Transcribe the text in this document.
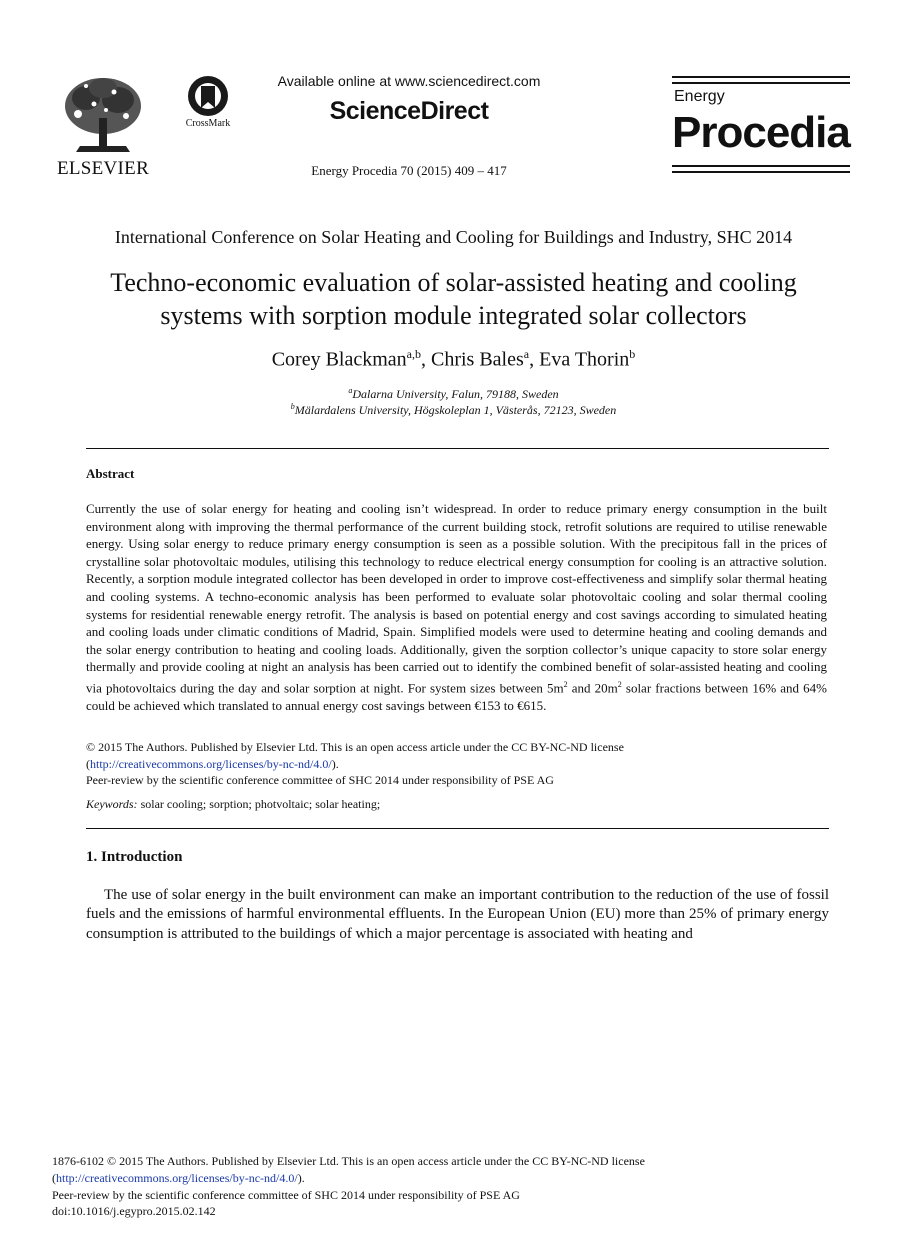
ELSEVIER
CrossMark
Available online at www.sciencedirect.com
ScienceDirect
Energy Procedia 70 (2015) 409 – 417
Energy
Procedia
International Conference on Solar Heating and Cooling for Buildings and Industry, SHC 2014
Techno-economic evaluation of solar-assisted heating and cooling
systems with sorption module integrated solar collectors
Corey Blackman$^{a,b}$, Chris Bales$^a$, Eva Thorin$^b$
$^a$Dalarna University, Falun, 79188, Sweden
$^b$Mälardalens University, Högskoleplan 1, Västerås, 72123, Sweden
Abstract
Currently the use of solar energy for heating and cooling isn’t widespread. In order to reduce primary energy consumption in the built environment along with improving the thermal performance of the current building stock, retrofit solutions are required to utilise renewable energy. Using solar energy to reduce primary energy consumption is seen as a possible solution. With the precipitous fall in the prices of crystalline solar photovoltaic modules, utilising this technology to reduce electrical energy consumption for cooling is an attractive solution. Recently, a sorption module integrated collector has been developed in order to improve cost-effectiveness and simplify solar thermal heating and cooling systems. A techno-economic analysis has been performed to evaluate solar photovoltaic cooling and solar thermal cooling systems for residential renewable energy retrofit. The analysis is based on potential energy and cost savings according to simulated heating and cooling loads under climatic conditions of Madrid, Spain. Simplified models were used to determine heating and cooling demands and the solar energy contribution to heating and cooling loads. Additionally, given the sorption collector’s unique capacity to store solar energy thermally and provide cooling at night an analysis has been carried out to identify the combined benefit of solar-assisted heating and cooling via photovoltaics during the day and solar sorption at night. For system sizes between $5m^2$ and $20m^2$ solar fractions between 16% and 64% could be achieved which translated to annual energy cost savings between €153 to €615.
© 2015 The Authors. Published by Elsevier Ltd. This is an open access article under the CC BY-NC-ND license
(http://creativecommons.org/licenses/by-nc-nd/4.0/).
Peer-review by the scientific conference committee of SHC 2014 under responsibility of PSE AG
Keywords: solar cooling; sorption; photvoltaic; solar heating;
1. Introduction
The use of solar energy in the built environment can make an important contribution to the reduction of the use of fossil fuels and the emissions of harmful environmental effluents. In the European Union (EU) more than 25% of primary energy consumption is attributed to the buildings of which a major percentage is associated with heating and
1876-6102 © 2015 The Authors. Published by Elsevier Ltd. This is an open access article under the CC BY-NC-ND license
(http://creativecommons.org/licenses/by-nc-nd/4.0/).
Peer-review by the scientific conference committee of SHC 2014 under responsibility of PSE AG
doi:10.1016/j.egypro.2015.02.142
